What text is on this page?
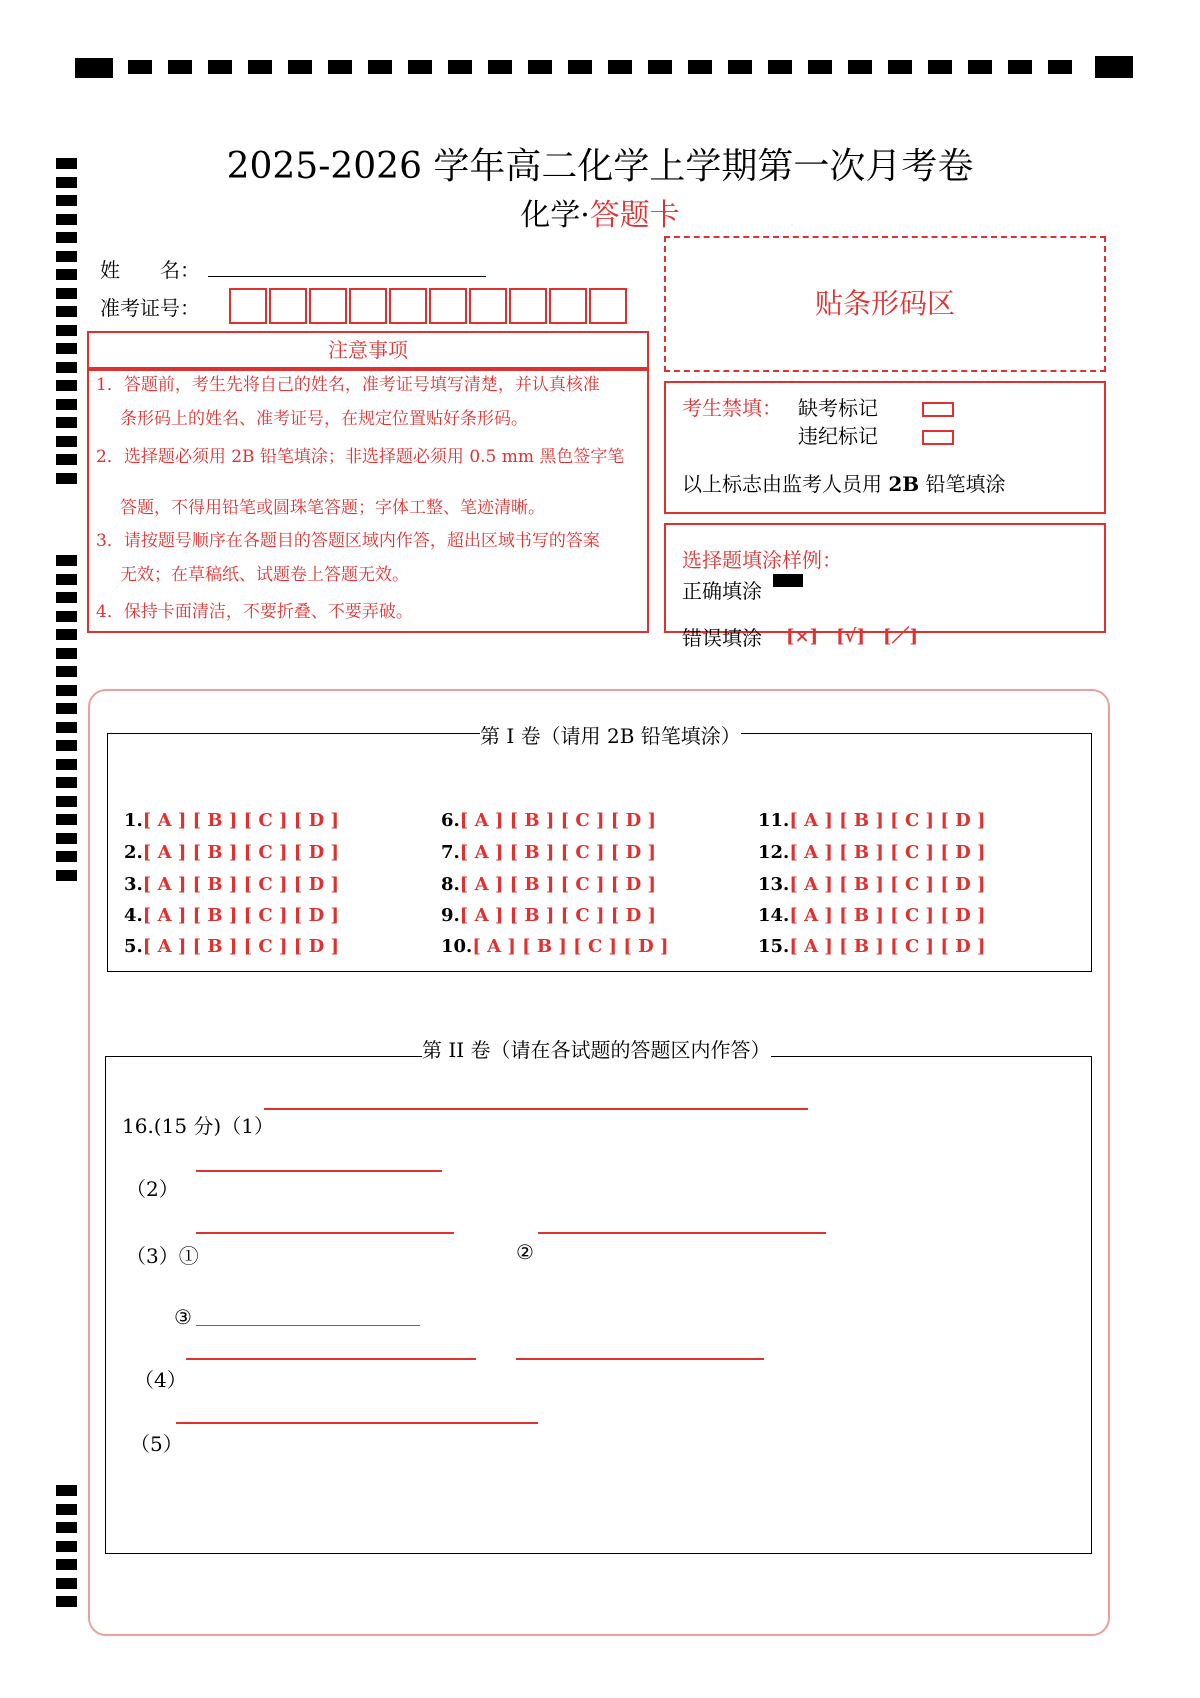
2025-2026 学年高二化学上学期第一次月考卷
化学·答题卡
姓　　名：
准考证号：	贴条形码区
注意事项
1．答题前，考生先将自己的姓名，准考证号填写清楚，并认真核准
条形码上的姓名、准考证号，在规定位置贴好条形码。
2．选择题必须用 2B 铅笔填涂；非选择题必须用 0.5 mm 黑色签字笔
答题，不得用铅笔或圆珠笔答题；字体工整、笔迹清晰。
3．请按题号顺序在各题目的答题区域内作答，超出区域书写的答案
无效；在草稿纸、试题卷上答题无效。
4．保持卡面清洁，不要折叠、不要弄破。
考生禁填： 缺考标记
违纪标记
以上标志由监考人员用 2B 铅笔填涂
选择题填涂样例：
正确填涂
错误填涂 [×]　[√]　[／]
第 I 卷（请用 2B 铅笔填涂）
1.[ A ] [ B ] [ C ] [ D ]
2.[ A ] [ B ] [ C ] [ D ]
3.[ A ] [ B ] [ C ] [ D ]
4.[ A ] [ B ] [ C ] [ D ]
5.[ A ] [ B ] [ C ] [ D ]
6.[ A ] [ B ] [ C ] [ D ]
7.[ A ] [ B ] [ C ] [ D ]
8.[ A ] [ B ] [ C ] [ D ]
9.[ A ] [ B ] [ C ] [ D ]
10.[ A ] [ B ] [ C ] [ D ]
11.[ A ] [ B ] [ C ] [ D ]
12.[ A ] [ B ] [ C ] [ D ]
13.[ A ] [ B ] [ C ] [ D ]
14.[ A ] [ B ] [ C ] [ D ]
15.[ A ] [ B ] [ C ] [ D ]
第 II 卷（请在各试题的答题区内作答）
16.(15 分)（1）
（2）
（3）①	②
③
（4）
（5）
